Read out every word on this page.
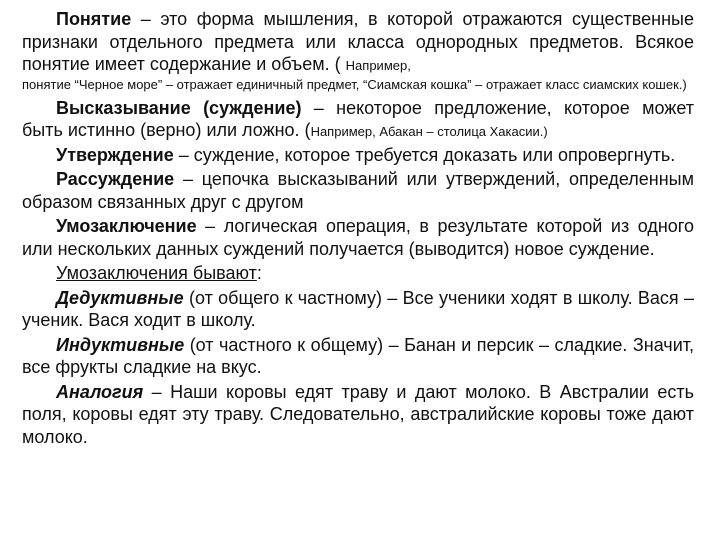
Понятие – это форма мышления, в которой отражаются существенные признаки отдельного предмета или класса однородных предметов. Всякое понятие имеет содержание и объем. ( Например,

понятие “Черное море” – отражает единичный предмет, “Сиамская кошка” – отражает класс сиамских кошек.)

Высказывание (суждение) – некоторое предложение, которое может быть истинно (верно) или ложно. (Например, Абакан – столица Хакасии.)

Утверждение – суждение, которое требуется доказать или опровергнуть.

Рассуждение – цепочка высказываний или утверждений, определенным образом связанных друг с другом

Умозаключение – логическая операция, в результате которой из одного или нескольких данных суждений получается (выводится) новое суждение.

Умозаключения бывают:

Дедуктивные (от общего к частному) – Все ученики ходят в школу. Вася – ученик. Вася ходит в школу.

Индуктивные (от частного к общему) – Банан и персик – сладкие. Значит, все фрукты сладкие на вкус.

Аналогия – Наши коровы едят траву и дают молоко. В Австралии есть поля, коровы едят эту траву. Следовательно, австралийские коровы тоже дают молоко.
